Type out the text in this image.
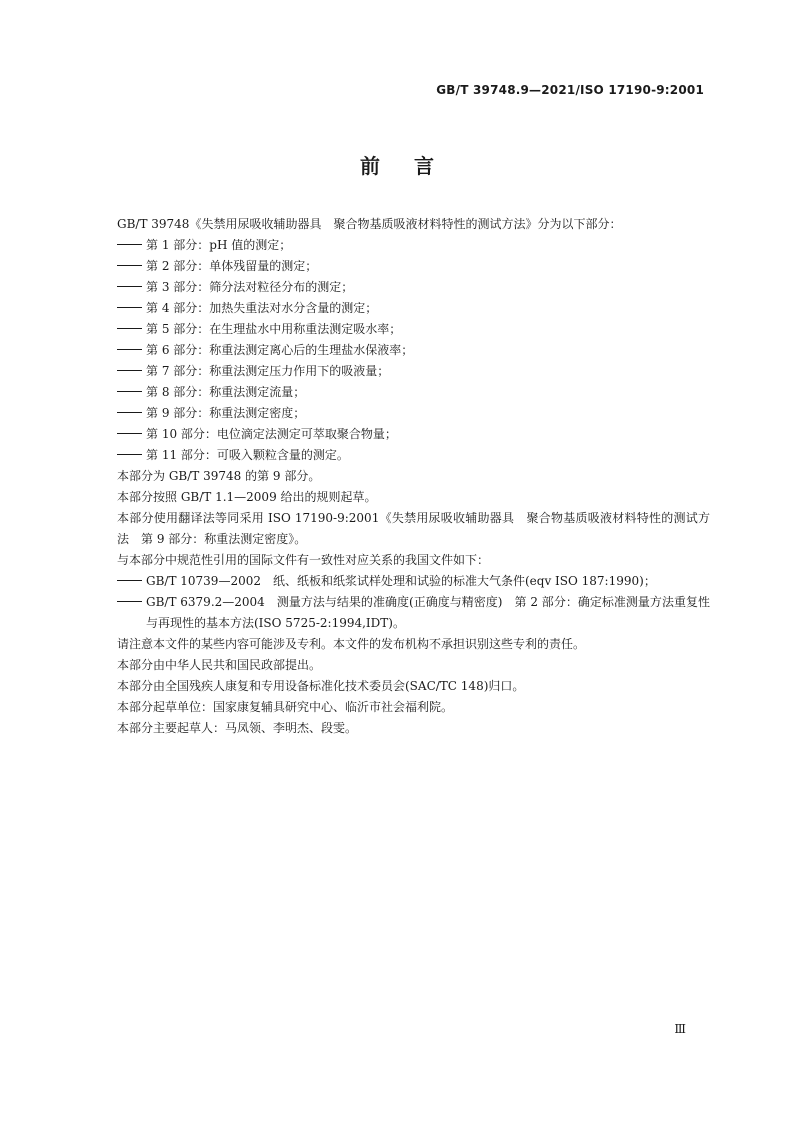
GB/T 39748.9—2021/ISO 17190-9:2001
前 言

GB/T 39748《失禁用尿吸收辅助器具　聚合物基质吸液材料特性的测试方法》分为以下部分：

第 1 部分：pH 值的测定；

第 2 部分：单体残留量的测定；

第 3 部分：筛分法对粒径分布的测定；

第 4 部分：加热失重法对水分含量的测定；

第 5 部分：在生理盐水中用称重法测定吸水率；

第 6 部分：称重法测定离心后的生理盐水保液率；

第 7 部分：称重法测定压力作用下的吸液量；

第 8 部分：称重法测定流量；

第 9 部分：称重法测定密度；

第 10 部分：电位滴定法测定可萃取聚合物量；

第 11 部分：可吸入颗粒含量的测定。

本部分为 GB/T 39748 的第 9 部分。

本部分按照 GB/T 1.1—2009 给出的规则起草。

本部分使用翻译法等同采用 ISO 17190-9:2001《失禁用尿吸收辅助器具　聚合物基质吸液材料特性的测试方法　第 9 部分：称重法测定密度》。

与本部分中规范性引用的国际文件有一致性对应关系的我国文件如下：

GB/T 10739—2002　纸、纸板和纸浆试样处理和试验的标准大气条件(eqv ISO 187:1990)；

GB/T 6379.2—2004　测量方法与结果的准确度(正确度与精密度)　第 2 部分：确定标准测量方法重复性与再现性的基本方法(ISO 5725-2:1994,IDT)。

请注意本文件的某些内容可能涉及专利。本文件的发布机构不承担识别这些专利的责任。

本部分由中华人民共和国民政部提出。

本部分由全国残疾人康复和专用设备标准化技术委员会(SAC/TC 148)归口。

本部分起草单位：国家康复辅具研究中心、临沂市社会福利院。

本部分主要起草人：马凤领、李明杰、段雯。

Ⅲ
